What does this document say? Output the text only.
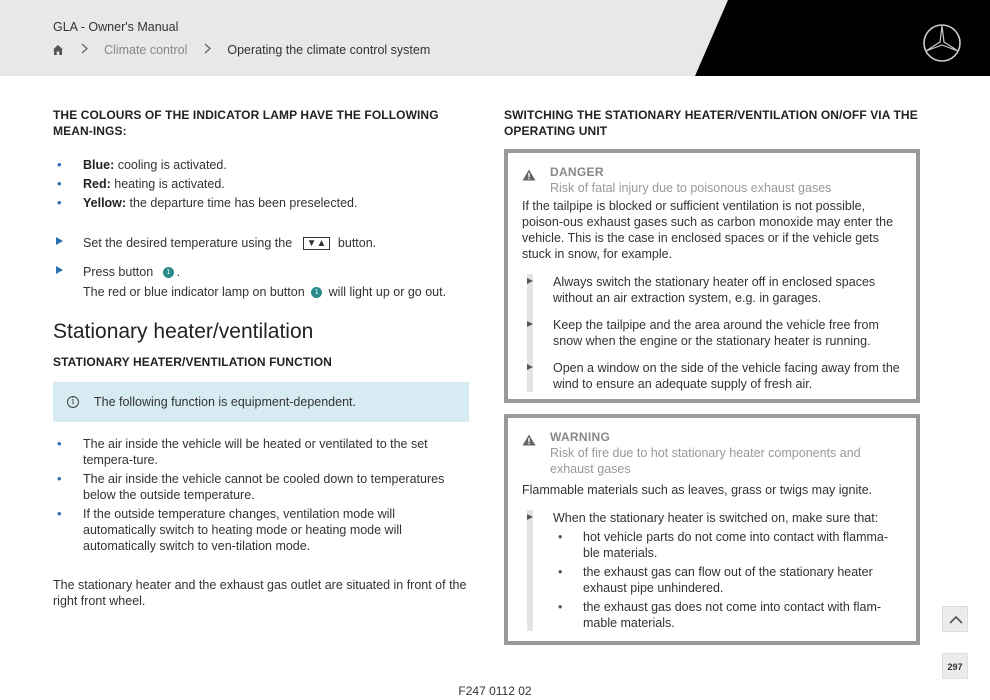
GLA - Owner's Manual
Climate control	Operating the climate control system
THE COLOURS OF THE INDICATOR LAMP HAVE THE FOLLOWING MEAN-INGS:
• Blue: cooling is activated.
• Red: heating is activated.
• Yellow: the departure time has been preselected.
Set the desired temperature using the ▼▲ button.
Press button 1 .
The red or blue indicator lamp on button 1 will light up or go out.
Stationary heater/ventilation
STATIONARY HEATER/VENTILATION FUNCTION
i	The following function is equipment-dependent.
• The air inside the vehicle will be heated or ventilated to the set tempera-ture.
• The air inside the vehicle cannot be cooled down to temperatures below the outside temperature.
• If the outside temperature changes, ventilation mode will automatically switch to heating mode or heating mode will automatically switch to ven-tilation mode.

The stationary heater and the exhaust gas outlet are situated in front of the right front wheel.

SWITCHING THE STATIONARY HEATER/VENTILATION ON/OFF VIA THE OPERATING UNIT
DANGER
Risk of fatal injury due to poisonous exhaust gases

If the tailpipe is blocked or sufficient ventilation is not possible, poison-ous exhaust gases such as carbon monoxide may enter the vehicle. This is the case in enclosed spaces or if the vehicle gets stuck in snow, for example.

Always switch the stationary heater off in enclosed spaces without an air extraction system, e.g. in garages.
Keep the tailpipe and the area around the vehicle free from snow when the engine or the stationary heater is running.
Open a window on the side of the vehicle facing away from the wind to ensure an adequate supply of fresh air.
WARNING
Risk of fire due to hot stationary heater components and exhaust gases

Flammable materials such as leaves, grass or twigs may ignite.

When the stationary heater is switched on, make sure that:
• hot vehicle parts do not come into contact with flamma-ble materials.
• the exhaust gas can flow out of the stationary heater exhaust pipe unhindered.
• the exhaust gas does not come into contact with flam-mable materials.
297
F247 0112 02
